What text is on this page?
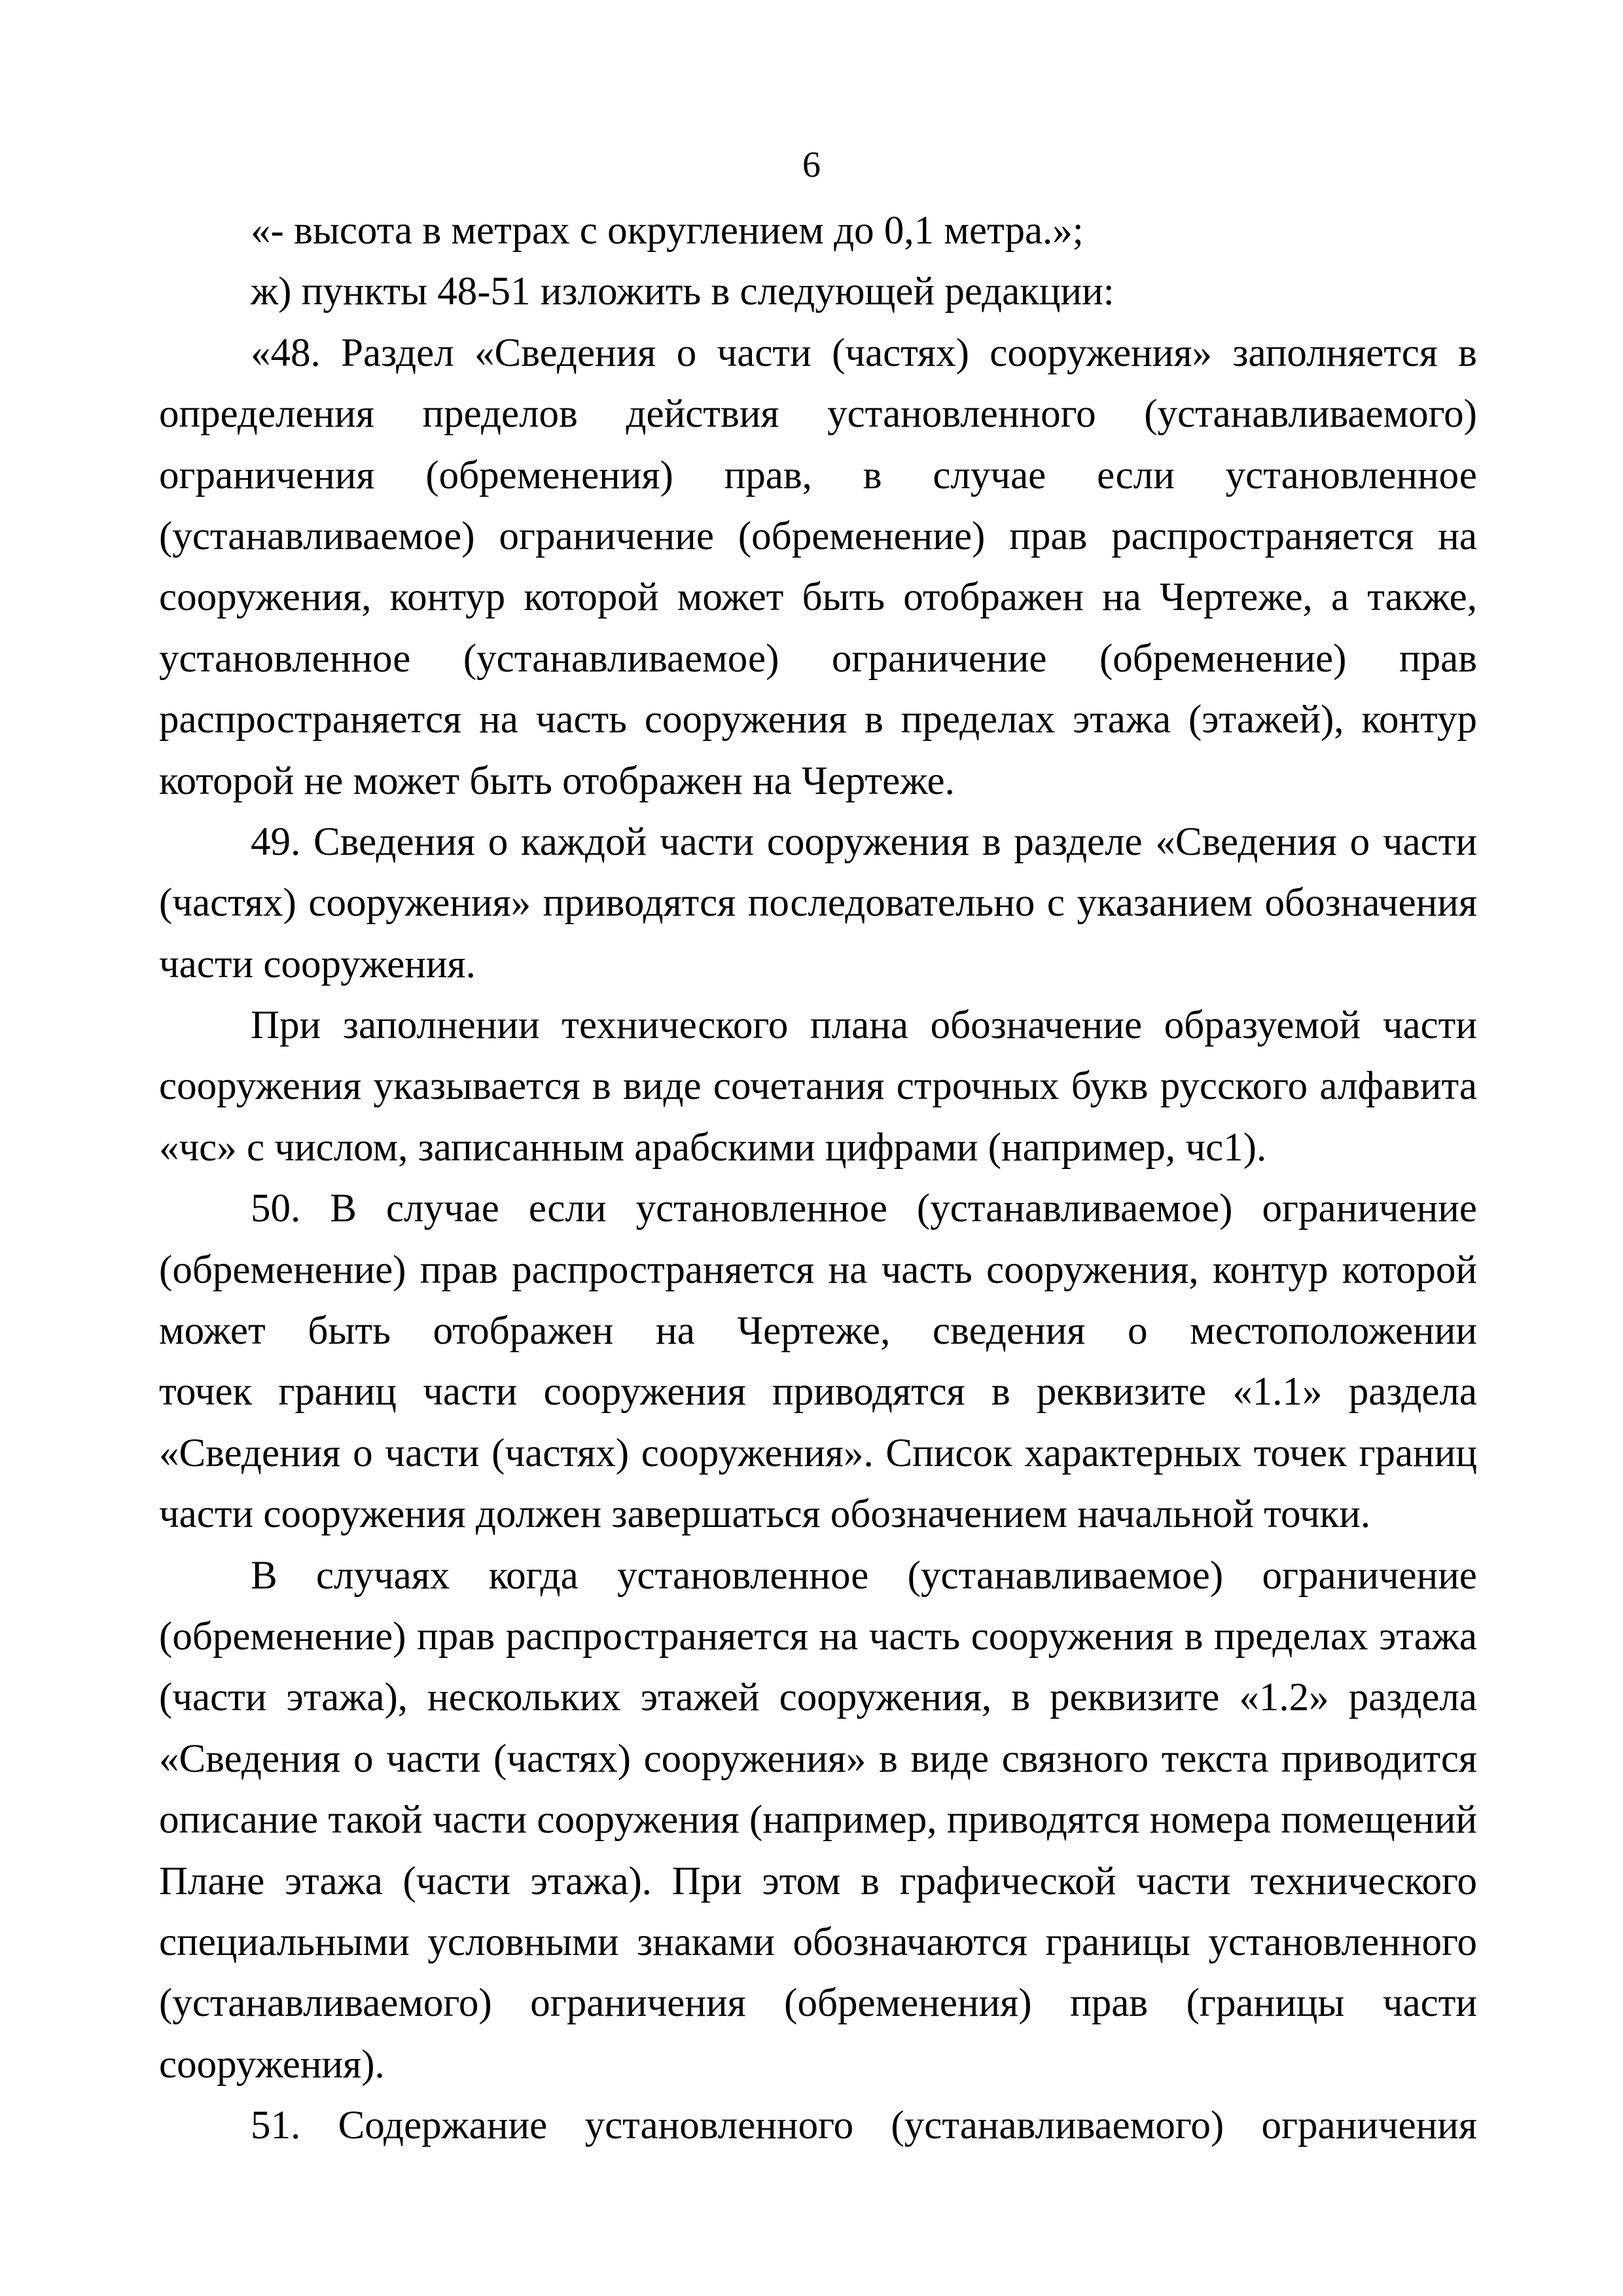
6
«- высота в метрах с округлением до 0,1 метра.»;
ж) пункты 48-51 изложить в следующей редакции:
«48. Раздел «Сведения о части (частях) сооружения» заполняется в
определения пределов действия установленного (устанавливаемого)
ограничения (обременения) прав, в случае если установленное
(устанавливаемое) ограничение (обременение) прав распространяется на
сооружения, контур которой может быть отображен на Чертеже, а также,
установленное (устанавливаемое) ограничение (обременение) прав
распространяется на часть сооружения в пределах этажа (этажей), контур
которой не может быть отображен на Чертеже.
49. Сведения о каждой части сооружения в разделе «Сведения о части
(частях) сооружения» приводятся последовательно с указанием обозначения
части сооружения.
При заполнении технического плана обозначение образуемой части
сооружения указывается в виде сочетания строчных букв русского алфавита
«чс» с числом, записанным арабскими цифрами (например, чс1).
50. В случае если установленное (устанавливаемое) ограничение
(обременение) прав распространяется на часть сооружения, контур которой
может быть отображен на Чертеже, сведения о местоположении
точек границ части сооружения приводятся в реквизите «1.1» раздела
«Сведения о части (частях) сооружения». Список характерных точек границ
части сооружения должен завершаться обозначением начальной точки.
В случаях когда установленное (устанавливаемое) ограничение
(обременение) прав распространяется на часть сооружения в пределах этажа
(части этажа), нескольких этажей сооружения, в реквизите «1.2» раздела
«Сведения о части (частях) сооружения» в виде связного текста приводится
описание такой части сооружения (например, приводятся номера помещений
Плане этажа (части этажа). При этом в графической части технического
специальными условными знаками обозначаются границы установленного
(устанавливаемого) ограничения (обременения) прав (границы части
сооружения).
51. Содержание установленного (устанавливаемого) ограничения
